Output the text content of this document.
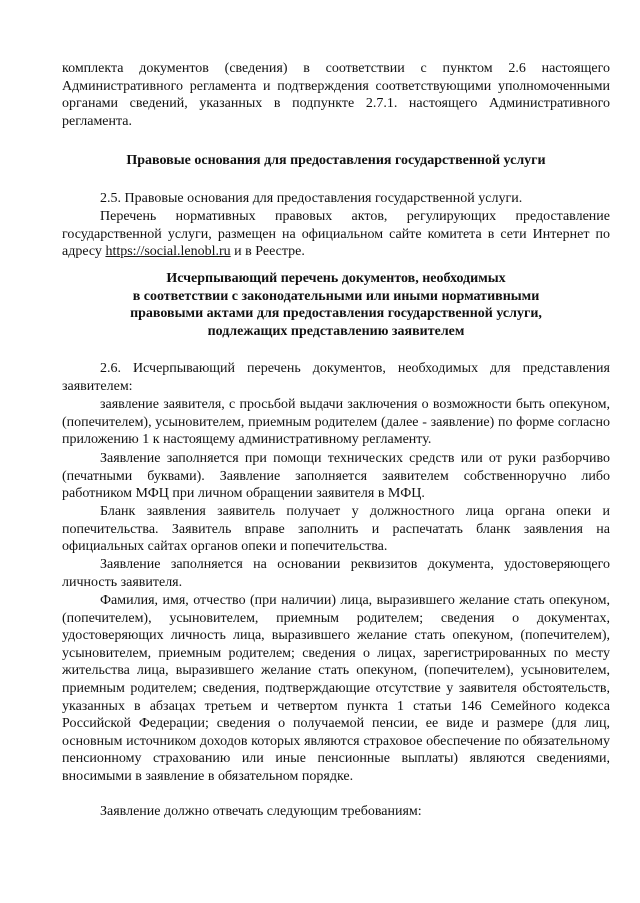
комплекта документов (сведения) в соответствии с пунктом 2.6 настоящего Административного регламента и подтверждения соответствующими уполномоченными органами сведений, указанных в подпункте 2.7.1. настоящего Административного регламента.

Правовые основания для предоставления государственной услуги

2.5. Правовые основания для предоставления государственной услуги.

Перечень нормативных правовых актов, регулирующих предоставление государственной услуги, размещен на официальном сайте комитета в сети Интернет по адресу https://social.lenobl.ru и в Реестре.

Исчерпывающий перечень документов, необходимых
в соответствии с законодательными или иными нормативными
правовыми актами для предоставления государственной услуги,
подлежащих представлению заявителем

2.6. Исчерпывающий перечень документов, необходимых для представления заявителем:

заявление заявителя, с просьбой выдачи заключения о возможности быть опекуном, (попечителем), усыновителем, приемным родителем (далее - заявление) по форме согласно приложению 1 к настоящему административному регламенту.

Заявление заполняется при помощи технических средств или от руки разборчиво (печатными буквами). Заявление заполняется заявителем собственноручно либо работником МФЦ при личном обращении заявителя в МФЦ.

Бланк заявления заявитель получает у должностного лица органа опеки и попечительства. Заявитель вправе заполнить и распечатать бланк заявления на официальных сайтах органов опеки и попечительства.

Заявление заполняется на основании реквизитов документа, удостоверяющего личность заявителя.

Фамилия, имя, отчество (при наличии) лица, выразившего желание стать опекуном, (попечителем), усыновителем, приемным родителем; сведения о документах, удостоверяющих личность лица, выразившего желание стать опекуном, (попечителем), усыновителем, приемным родителем; сведения о лицах, зарегистрированных по месту жительства лица, выразившего желание стать опекуном, (попечителем), усыновителем, приемным родителем; сведения, подтверждающие отсутствие у заявителя обстоятельств, указанных в абзацах третьем и четвертом пункта 1 статьи 146 Семейного кодекса Российской Федерации; сведения о получаемой пенсии, ее виде и размере (для лиц, основным источником доходов которых являются страховое обеспечение по обязательному пенсионному страхованию или иные пенсионные выплаты) являются сведениями, вносимыми в заявление в обязательном порядке.

Заявление должно отвечать следующим требованиям:
